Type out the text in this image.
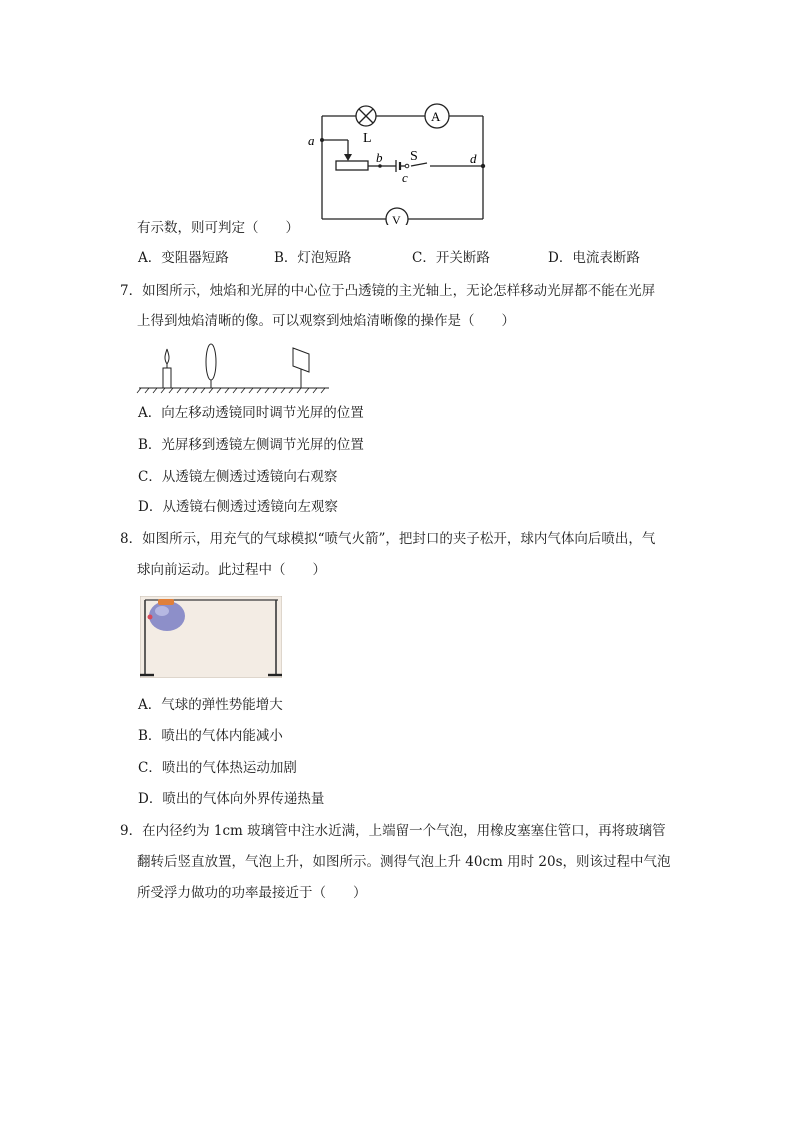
a	L
b S
c
d
A
V
有示数，则可判定（　　）
A．变阻器短路	B．灯泡短路	C．开关断路	D．电流表断路
7．如图所示，烛焰和光屏的中心位于凸透镜的主光轴上，无论怎样移动光屏都不能在光屏
上得到烛焰清晰的像。可以观察到烛焰清晰像的操作是（　　）
A．向左移动透镜同时调节光屏的位置
B．光屏移到透镜左侧调节光屏的位置
C．从透镜左侧透过透镜向右观察
D．从透镜右侧透过透镜向左观察
8．如图所示，用充气的气球模拟“喷气火箭”，把封口的夹子松开，球内气体向后喷出，气
球向前运动。此过程中（　　）
A．气球的弹性势能增大
B．喷出的气体内能减小
C．喷出的气体热运动加剧
D．喷出的气体向外界传递热量
9．在内径约为 1cm 玻璃管中注水近满，上端留一个气泡，用橡皮塞塞住管口，再将玻璃管
翻转后竖直放置，气泡上升，如图所示。测得气泡上升 40cm 用时 20s，则该过程中气泡
所受浮力做功的功率最接近于（　　）
